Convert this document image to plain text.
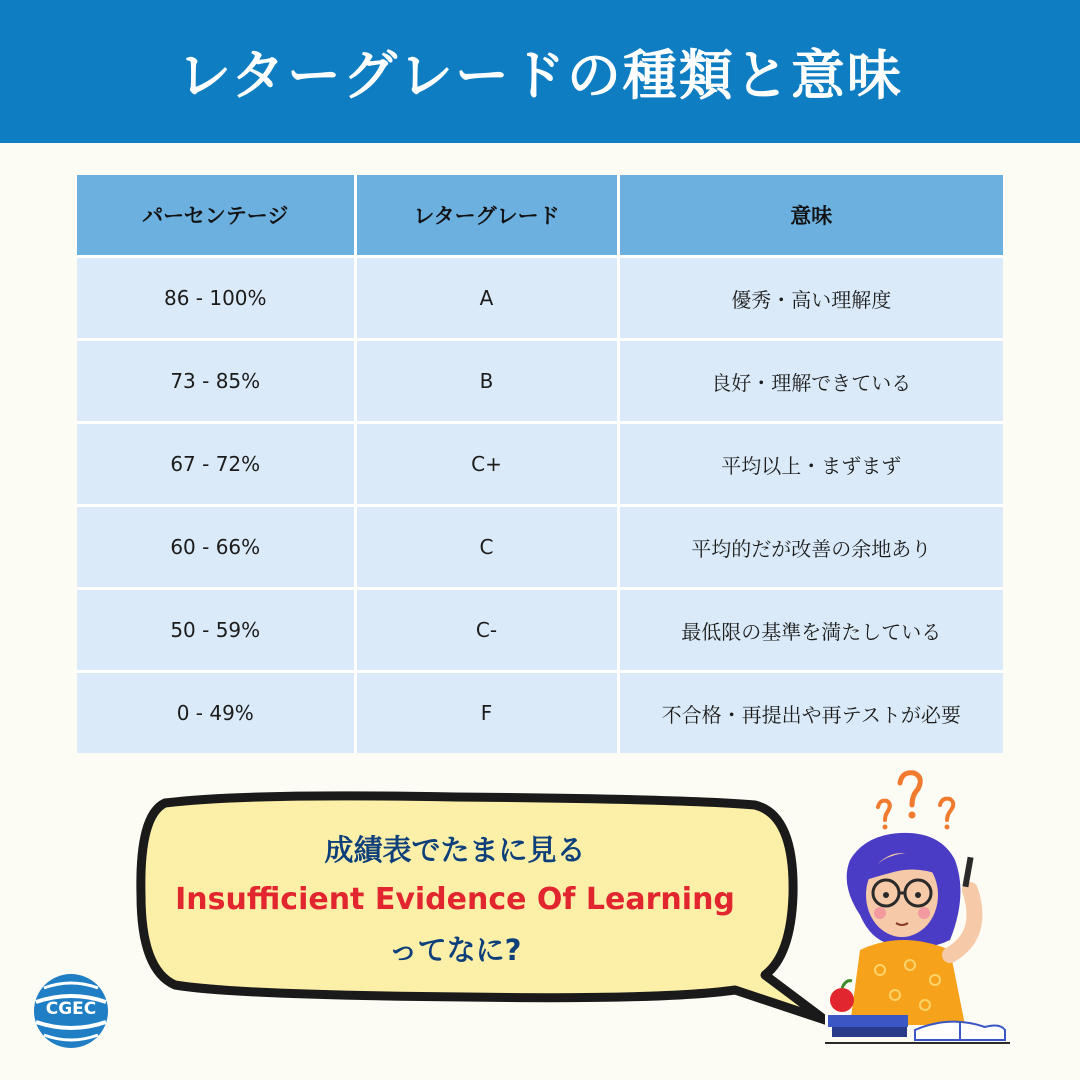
レターグレードの種類と意味
パーセンテージ	レターグレード	意味
86 - 100%	A	優秀・高い理解度
73 - 85%	B	良好・理解できている
67 - 72%	C+	平均以上・まずまず
60 - 66%	C	平均的だが改善の余地あり
50 - 59%	C-	最低限の基準を満たしている
0 - 49%	F	不合格・再提出や再テストが必要
成績表でたまに見る
Insufficient Evidence Of Learning
ってなに?
CGEC
